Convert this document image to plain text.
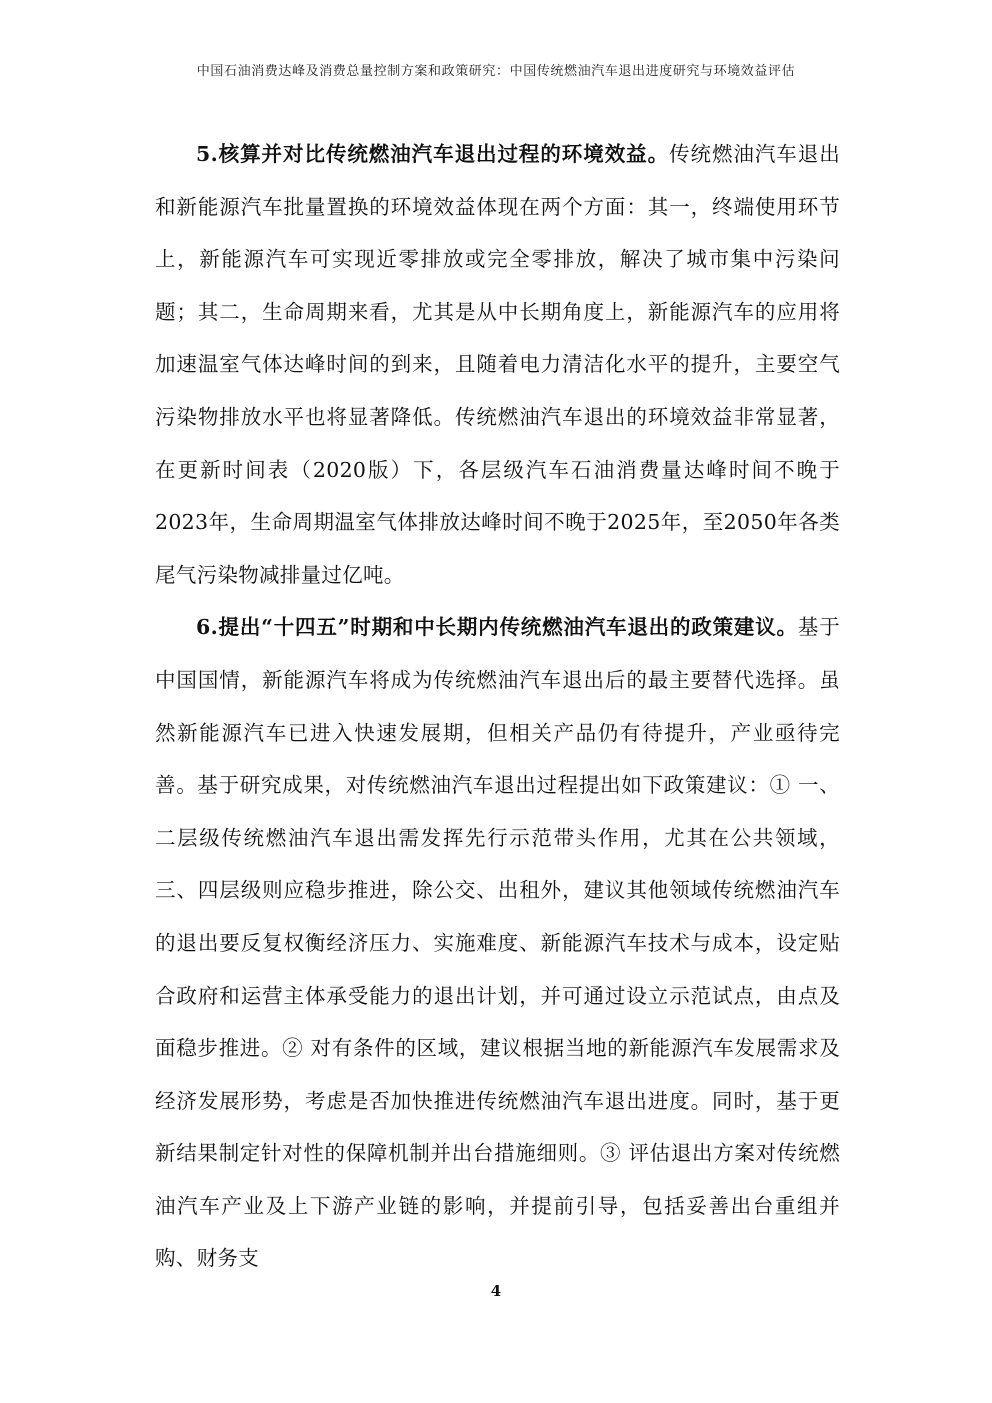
中国石油消费达峰及消费总量控制方案和政策研究：中国传统燃油汽车退出进度研究与环境效益评估

5.核算并对比传统燃油汽车退出过程的环境效益。传统燃油汽车退出和新能源汽车批量置换的环境效益体现在两个方面：其一，终端使用环节上，新能源汽车可实现近零排放或完全零排放，解决了城市集中污染问题；其二，生命周期来看，尤其是从中长期角度上，新能源汽车的应用将加速温室气体达峰时间的到来，且随着电力清洁化水平的提升，主要空气污染物排放水平也将显著降低。传统燃油汽车退出的环境效益非常显著，在更新时间表（2020版）下，各层级汽车石油消费量达峰时间不晚于2023年，生命周期温室气体排放达峰时间不晚于2025年，至2050年各类尾气污染物减排量过亿吨。

6.提出“十四五”时期和中长期内传统燃油汽车退出的政策建议。基于中国国情，新能源汽车将成为传统燃油汽车退出后的最主要替代选择。虽然新能源汽车已进入快速发展期，但相关产品仍有待提升，产业亟待完善。基于研究成果，对传统燃油汽车退出过程提出如下政策建议：① 一、二层级传统燃油汽车退出需发挥先行示范带头作用，尤其在公共领域，三、四层级则应稳步推进，除公交、出租外，建议其他领域传统燃油汽车的退出要反复权衡经济压力、实施难度、新能源汽车技术与成本，设定贴合政府和运营主体承受能力的退出计划，并可通过设立示范试点，由点及面稳步推进。② 对有条件的区域，建议根据当地的新能源汽车发展需求及经济发展形势，考虑是否加快推进传统燃油汽车退出进度。同时，基于更新结果制定针对性的保障机制并出台措施细则。③ 评估退出方案对传统燃油汽车产业及上下游产业链的影响，并提前引导，包括妥善出台重组并购、财务支

4
